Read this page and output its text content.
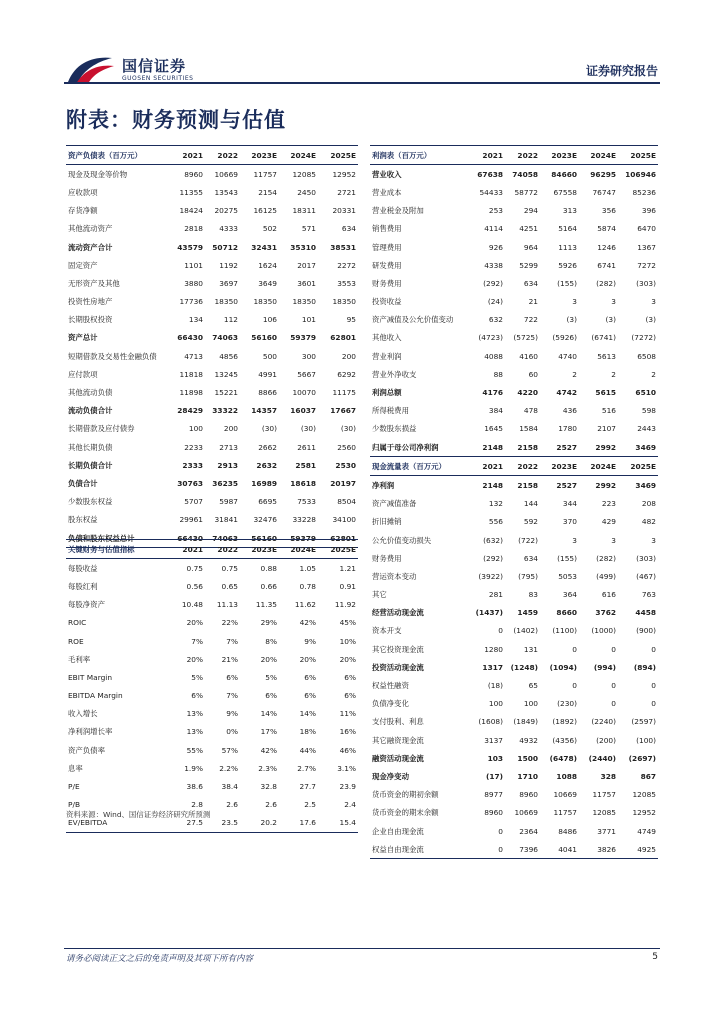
国信证券
GUOSEN SECURITIES
证券研究报告
附表：财务预测与估值
资产负债表（百万元）	2021	2022	2023E	2024E	2025E
现金及现金等价物	8960	10669	11757	12085	12952
应收款项	11355	13543	2154	2450	2721
存货净额	18424	20275	16125	18311	20331
其他流动资产	2818	4333	502	571	634
流动资产合计	43579	50712	32431	35310	38531
固定资产	1101	1192	1624	2017	2272
无形资产及其他	3880	3697	3649	3601	3553
投资性房地产	17736	18350	18350	18350	18350
长期股权投资	134	112	106	101	95
资产总计	66430	74063	56160	59379	62801
短期借款及交易性金融负债	4713	4856	500	300	200
应付款项	11818	13245	4991	5667	6292
其他流动负债	11898	15221	8866	10070	11175
流动负债合计	28429	33322	14357	16037	17667
长期借款及应付债券	100	200	(30)	(30)	(30)
其他长期负债	2233	2713	2662	2611	2560
长期负债合计	2333	2913	2632	2581	2530
负债合计	30763	36235	16989	18618	20197
少数股东权益	5707	5987	6695	7533	8504
股东权益	29961	31841	32476	33228	34100
负债和股东权益总计	66430	74063	56160	59379	62801
关键财务与估值指标	2021	2022	2023E	2024E	2025E
每股收益	0.75	0.75	0.88	1.05	1.21
每股红利	0.56	0.65	0.66	0.78	0.91
每股净资产	10.48	11.13	11.35	11.62	11.92
ROIC	20%	22%	29%	42%	45%
ROE	7%	7%	8%	9%	10%
毛利率	20%	21%	20%	20%	20%
EBIT Margin	5%	6%	5%	6%	6%
EBITDA Margin	6%	7%	6%	6%	6%
收入增长	13%	9%	14%	14%	11%
净利润增长率	13%	0%	17%	18%	16%
资产负债率	55%	57%	42%	44%	46%
息率	1.9%	2.2%	2.3%	2.7%	3.1%
P/E	38.6	38.4	32.8	27.7	23.9
P/B	2.8	2.6	2.6	2.5	2.4
EV/EBITDA	27.5	23.5	20.2	17.6	15.4
利润表（百万元）	2021	2022	2023E	2024E	2025E
营业收入	67638	74058	84660	96295	106946
营业成本	54433	58772	67558	76747	85236
营业税金及附加	253	294	313	356	396
销售费用	4114	4251	5164	5874	6470
管理费用	926	964	1113	1246	1367
研发费用	4338	5299	5926	6741	7272
财务费用	(292)	634	(155)	(282)	(303)
投资收益	(24)	21	3	3	3
资产减值及公允价值变动	632	722	(3)	(3)	(3)
其他收入	(4723)	(5725)	(5926)	(6741)	(7272)
营业利润	4088	4160	4740	5613	6508
营业外净收支	88	60	2	2	2
利润总额	4176	4220	4742	5615	6510
所得税费用	384	478	436	516	598
少数股东损益	1645	1584	1780	2107	2443
归属于母公司净利润	2148	2158	2527	2992	3469
现金流量表（百万元）	2021	2022	2023E	2024E	2025E
净利润	2148	2158	2527	2992	3469
资产减值准备	132	144	344	223	208
折旧摊销	556	592	370	429	482
公允价值变动损失	(632)	(722)	3	3	3
财务费用	(292)	634	(155)	(282)	(303)
营运资本变动	(3922)	(795)	5053	(499)	(467)
其它	281	83	364	616	763
经营活动现金流	(1437)	1459	8660	3762	4458
资本开支	0	(1402)	(1100)	(1000)	(900)
其它投资现金流	1280	131	0	0	0
投资活动现金流	1317	(1248)	(1094)	(994)	(894)
权益性融资	(18)	65	0	0	0
负债净变化	100	100	(230)	0	0
支付股利、利息	(1608)	(1849)	(1892)	(2240)	(2597)
其它融资现金流	3137	4932	(4356)	(200)	(100)
融资活动现金流	103	1500	(6478)	(2440)	(2697)
现金净变动	(17)	1710	1088	328	867
货币资金的期初余额	8977	8960	10669	11757	12085
货币资金的期末余额	8960	10669	11757	12085	12952
企业自由现金流	0	2364	8486	3771	4749
权益自由现金流	0	7396	4041	3826	4925
资料来源：Wind、国信证券经济研究所预测
请务必阅读正文之后的免责声明及其项下所有内容	5
